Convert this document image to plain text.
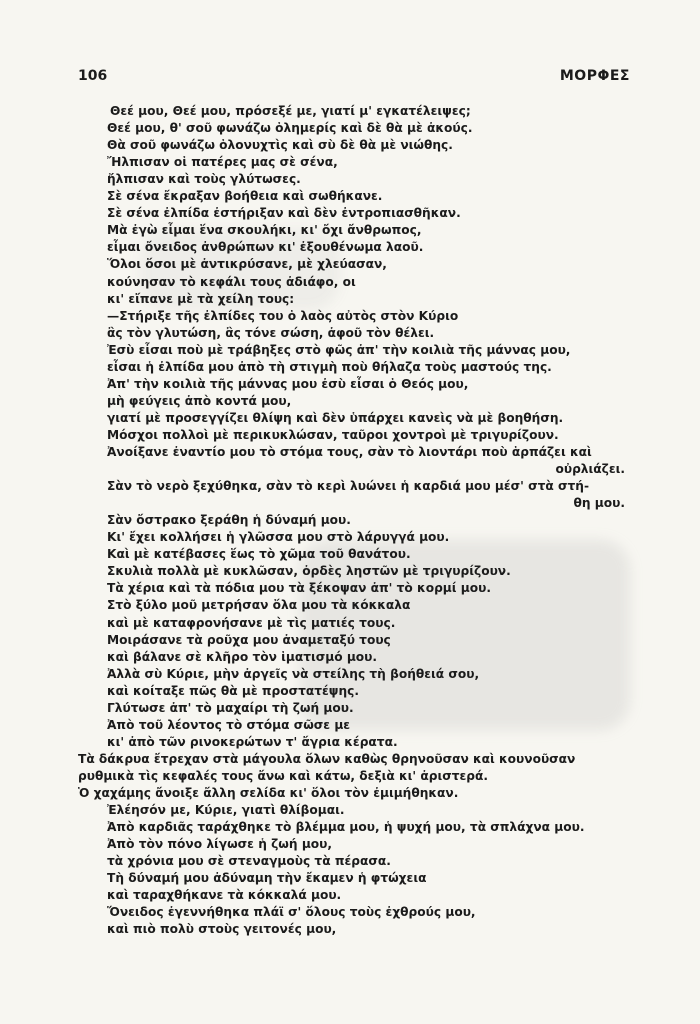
106	ΜΟΡΦΕΣ
Θεέ μου, Θεέ μου, πρόσεξέ με, γιατί μ' εγκατέλειψες;
Θεέ μου, θ' σοῦ φωνάζω ὁλημερίς καὶ δὲ θὰ μὲ ἀκούς.
Θὰ σοῦ φωνάζω ὁλονυχτὶς καὶ σὺ δὲ θὰ μὲ νιώθης.
Ἤλπισαν οἱ πατέρες μας σὲ σένα,
ἤλπισαν καὶ τοὺς γλύτωσες.
Σὲ σένα ἔκραξαν βοήθεια καὶ σωθήκανε.
Σὲ σένα ἐλπίδα ἐστήριξαν καὶ δὲν ἐντροπιασθῆκαν.
Μὰ ἐγὼ εἶμαι ἕνα σκουλήκι, κι' ὄχι ἄνθρωπος,
εἶμαι ὄνειδος ἀνθρώπων κι' ἐξουθένωμα λαοῦ.
Ὅλοι ὅσοι μὲ ἀντικρύσανε, μὲ χλεύασαν,
κούνησαν τὸ κεφάλι τους ἀδιάφο, οι
κι' εἴπανε μὲ τὰ χείλη τους:
—Στήριξε τῆς ἐλπίδες του ὁ λαὸς αὐτὸς στὸν Κύριο
ἂς τὸν γλυτώση, ἂς τόνε σώση, ἀφοῦ τὸν θέλει.
Ἐσὺ εἶσαι ποὺ μὲ τράβηξες στὸ φῶς ἀπ' τὴν κοιλιὰ τῆς μάννας μου,
εἶσαι ἡ ἐλπίδα μου ἀπὸ τὴ στιγμὴ ποὺ θήλαζα τοὺς μαστούς της.
Ἀπ' τὴν κοιλιὰ τῆς μάννας μου ἐσὺ εἶσαι ὁ Θεός μου,
μὴ φεύγεις ἀπὸ κοντά μου,
γιατί μὲ προσεγγίζει θλίψη καὶ δὲν ὑπάρχει κανεὶς νὰ μὲ βοηθήση.
Μόσχοι πολλοὶ μὲ περικυκλώσαν, ταῦροι χοντροὶ μὲ τριγυρίζουν.
Ἀνοίξανε ἐναντίο μου τὸ στόμα τους, σὰν τὸ λιοντάρι ποὺ ἁρπάζει καὶ
οὐρλιάζει.
Σὰν τὸ νερὸ ξεχύθηκα, σὰν τὸ κερὶ λυώνει ἡ καρδιά μου μέσ' στὰ στή-
θη μου.
Σὰν ὄστρακο ξεράθη ἡ δύναμή μου.
Κι' ἔχει κολλήσει ἡ γλῶσσα μου στὸ λάρυγγά μου.
Καὶ μὲ κατέβασες ἕως τὸ χῶμα τοῦ θανάτου.
Σκυλιὰ πολλὰ μὲ κυκλῶσαν, ὀρδὲς ληστῶν μὲ τριγυρίζουν.
Τὰ χέρια καὶ τὰ πόδια μου τὰ ξέκοψαν ἀπ' τὸ κορμί μου.
Στὸ ξύλο μοῦ μετρήσαν ὅλα μου τὰ κόκκαλα
καὶ μὲ καταφρονήσανε μὲ τὶς ματιές τους.
Μοιράσανε τὰ ροῦχα μου ἀναμεταξύ τους
καὶ βάλανε σὲ κλῆρο τὸν ἱματισμό μου.
Ἀλλὰ σὺ Κύριε, μὴν ἀργεῖς νὰ στείλης τὴ βοήθειά σου,
καὶ κοίταξε πῶς θὰ μὲ προστατέψης.
Γλύτωσε ἀπ' τὸ μαχαίρι τὴ ζωή μου.
Ἀπὸ τοῦ λέοντος τὸ στόμα σῶσε με
κι' ἀπὸ τῶν ρινοκερώτων τ' ἄγρια κέρατα.
Τὰ δάκρυα ἔτρεχαν στὰ μάγουλα ὅλων καθὼς θρηνοῦσαν καὶ κουνοῦσαν
ρυθμικὰ τὶς κεφαλές τους ἄνω καὶ κάτω, δεξιὰ κι' ἀριστερά.
Ὁ χαχάμης ἄνοιξε ἄλλη σελίδα κι' ὅλοι τὸν ἐμιμήθηκαν.
Ἐλέησόν με, Κύριε, γιατὶ θλίβομαι.
Ἀπὸ καρδιᾶς ταράχθηκε τὸ βλέμμα μου, ἡ ψυχή μου, τὰ σπλάχνα μου.
Ἀπὸ τὸν πόνο λίγωσε ἡ ζωή μου,
τὰ χρόνια μου σὲ στεναγμοὺς τὰ πέρασα.
Τὴ δύναμή μου ἀδύναμη τὴν ἔκαμεν ἡ φτώχεια
καὶ ταραχθήκανε τὰ κόκκαλά μου.
Ὄνειδος ἐγεννήθηκα πλάϊ σ' ὅλους τοὺς ἐχθρούς μου,
καὶ πιὸ πολὺ στοὺς γειτονές μου,
